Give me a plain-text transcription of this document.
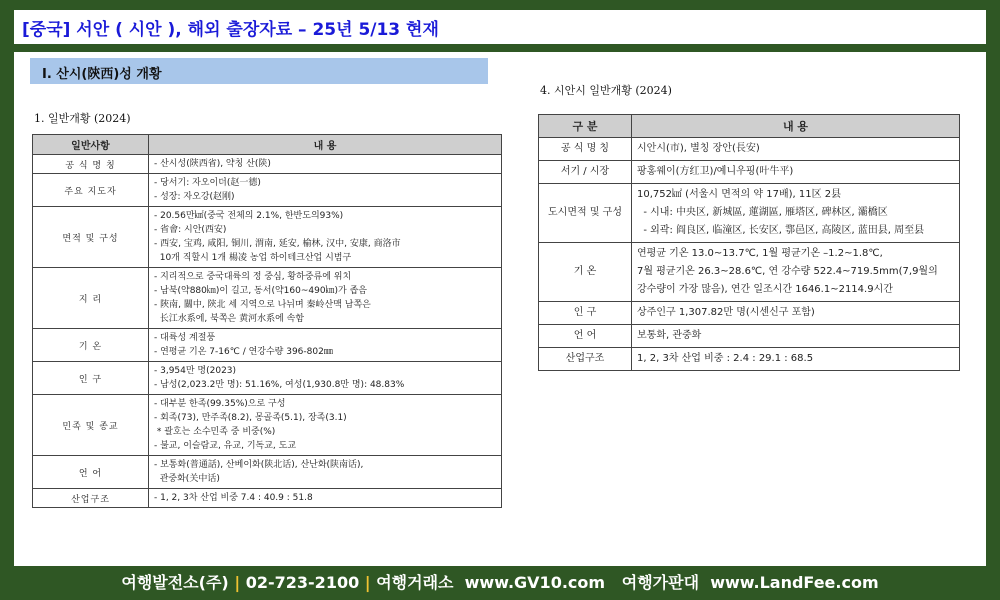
[중국] 서안 ( 시안 ), 해외 출장자료 – 25년 5/13 현재
Ⅰ. 산시(陝西)성 개황
1. 일반개황 (2024)
4. 시안시 일반개황 (2024)
일반사항	내 용
공 식 명 칭	- 산시성(陝西省), 약칭 산(陕)

주요 지도자	- 당서기: 자오이더(赵一德)
- 성장: 자오강(赵刚)

면적 및 구성	- 20.56만㎢(중국 전체의 2.1%, 한반도의93%)
- 省會: 시안(西安)
- 西安, 宝鸡, 咸阳, 铜川, 渭南, 延安, 榆林, 汉中, 安康, 商洛市
10개 직할시 1개 楊凌 농업 하이테크산업 시범구

지 리	- 지리적으로 중국대륙의 정 중심, 황하중류에 위치
- 남북(약880㎞)이 길고, 동서(약160~490㎞)가 좁음
- 陝南, 關中, 陝北 세 지역으로 나뉘며 秦岭산맥 남쪽은
长江水系에, 북쪽은 黄河水系에 속함

기 온	- 대륙성 계절풍
- 연평균 기온 7-16℃ / 연강수량 396-802㎜

인 구	- 3,954만 명(2023)
- 남성(2,023.2만 명): 51.16%, 여성(1,930.8만 명): 48.83%

민족 및 종교	- 대부분 한족(99.35%)으로 구성
- 회족(73), 만주족(8.2), 몽골족(5.1), 장족(3.1)
* 괄호는 소수민족 중 비중(%)
- 불교, 이슬람교, 유교, 기독교, 도교

언 어	- 보통화(普通話), 산베이화(陕北话), 산난화(陕南话),
관중화(关中话)

산업구조	- 1, 2, 3차 산업 비중 7.4 : 40.9 : 51.8
구 분	내 용
공 식 명 칭	시안시(市), 별칭 장안(長安)

서기 / 시장	팡홍웨이(方红卫)/예니우핑(叶牛平)

도시면적 및 구성	10,752㎢ (서울시 면적의 약 17배), 11区 2县
- 시내: 中央区, 新城區, 蓮湖區, 雁塔区, 碑林区, 灞橋区
- 외곽: 阎良区, 临潼区, 长安区, 鄠邑区, 高陵区, 蓝田县, 周至县

기 온	연평균 기온 13.0~13.7℃, 1월 평균기온 –1.2~1.8℃,
7월 평균기온 26.3~28.6℃, 연 강수량 522.4~719.5mm(7,9월의
강수량이 가장 많음), 연간 일조시간 1646.1~2114.9시간

인 구	상주인구 1,307.82만 명(시센신구 포함)

언 어	보통화, 관중화

산업구조	1, 2, 3차 산업 비중 : 2.4 : 29.1 : 68.5
여행발전소(주) | 02-723-2100 | 여행거래소 www.GV10.com 여행가판대 www.LandFee.com
